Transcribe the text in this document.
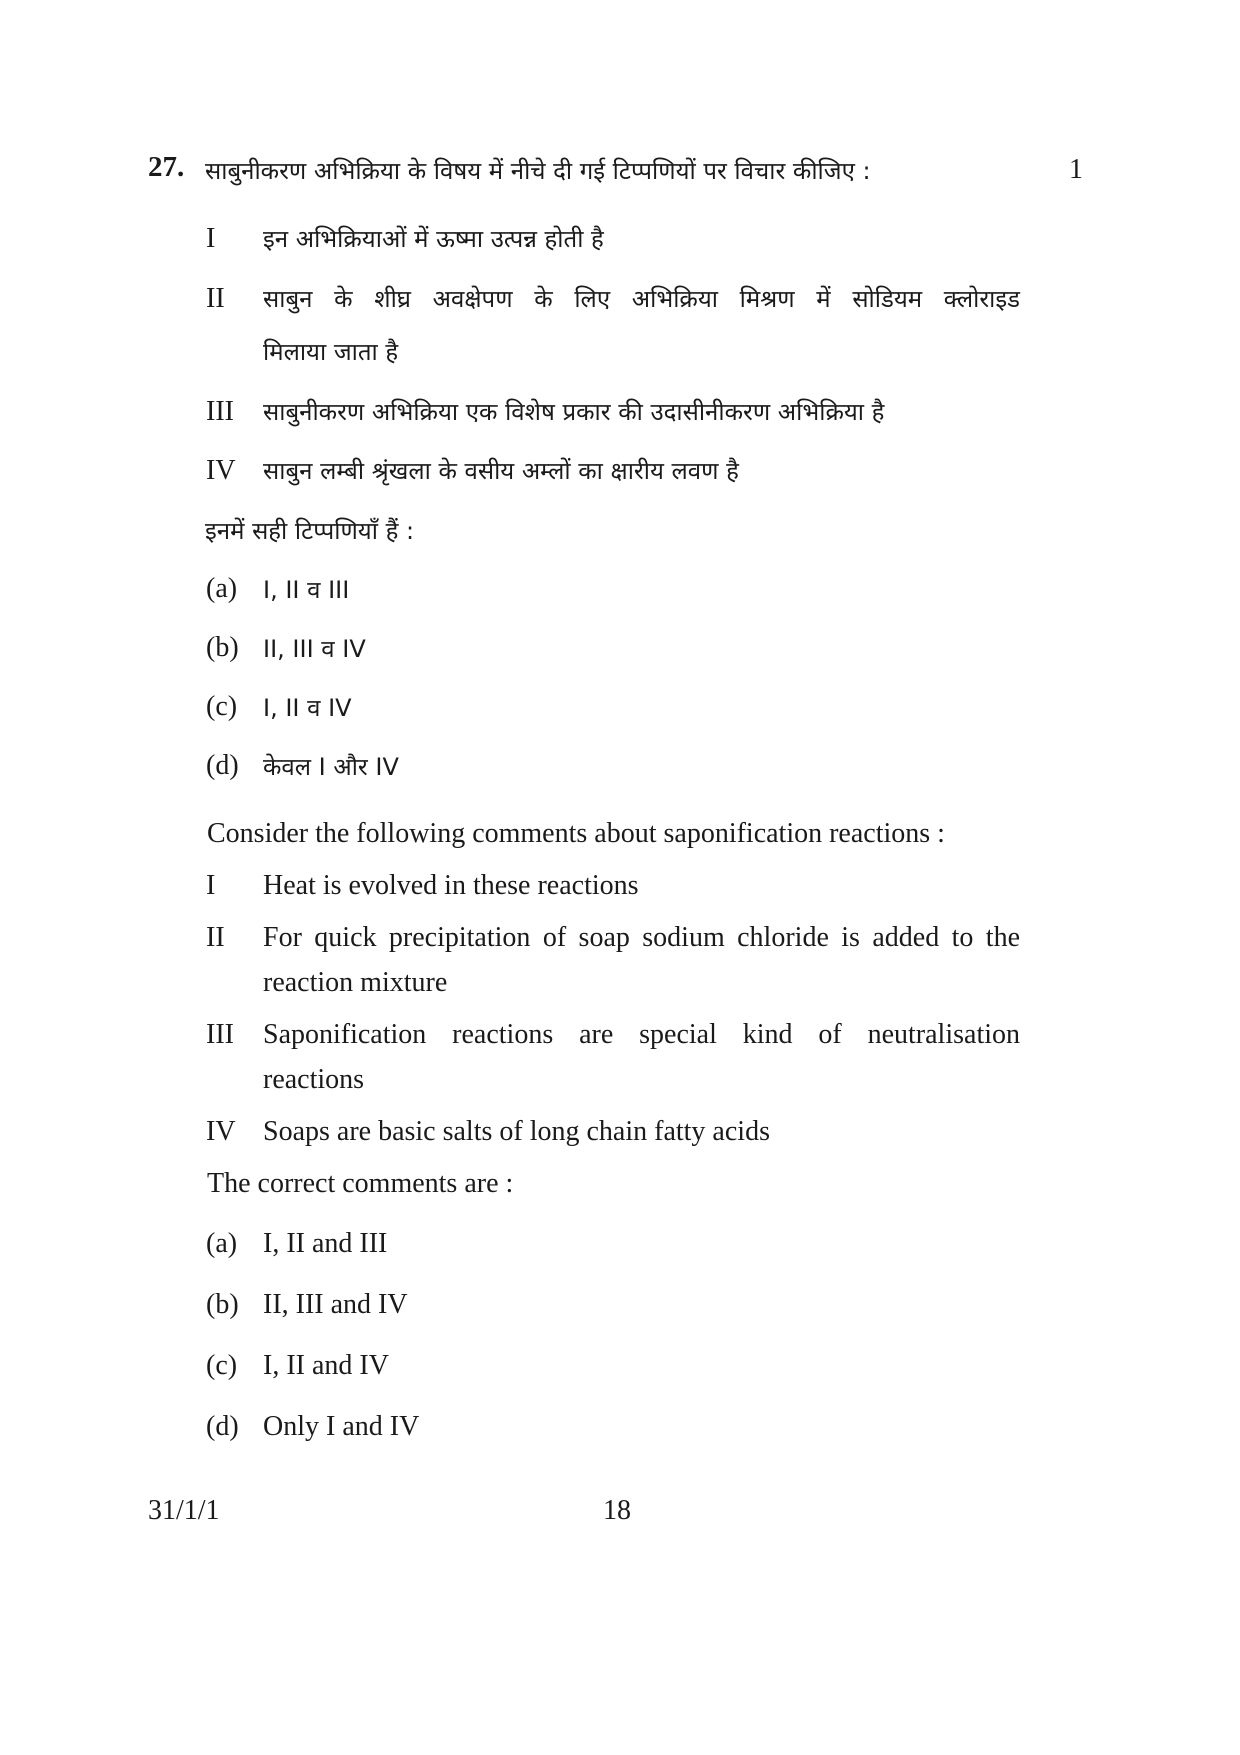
27. साबुनीकरण अभिक्रिया के विषय में नीचे दी गई टिप्पणियों पर विचार कीजिए :	1
I इन अभिक्रियाओं में ऊष्मा उत्पन्न होती है
II साबुन के शीघ्र अवक्षेपण के लिए अभिक्रिया मिश्रण में सोडियम क्लोराइड
मिलाया जाता है
III साबुनीकरण अभिक्रिया एक विशेष प्रकार की उदासीनीकरण अभिक्रिया है
IV साबुन लम्बी श्रृंखला के वसीय अम्लों का क्षारीय लवण है
इनमें सही टिप्पणियाँ हैं :
(a) I, II व III
(b) II, III व IV
(c) I, II व IV
(d) केवल I और IV
Consider the following comments about saponification reactions :
I Heat is evolved in these reactions
II For quick precipitation of soap sodium chloride is added to the
reaction mixture
III Saponification reactions are special kind of neutralisation
reactions
IV Soaps are basic salts of long chain fatty acids
The correct comments are :
(a) I, II and III
(b) II, III and IV
(c) I, II and IV
(d) Only I and IV
31/1/1	18
